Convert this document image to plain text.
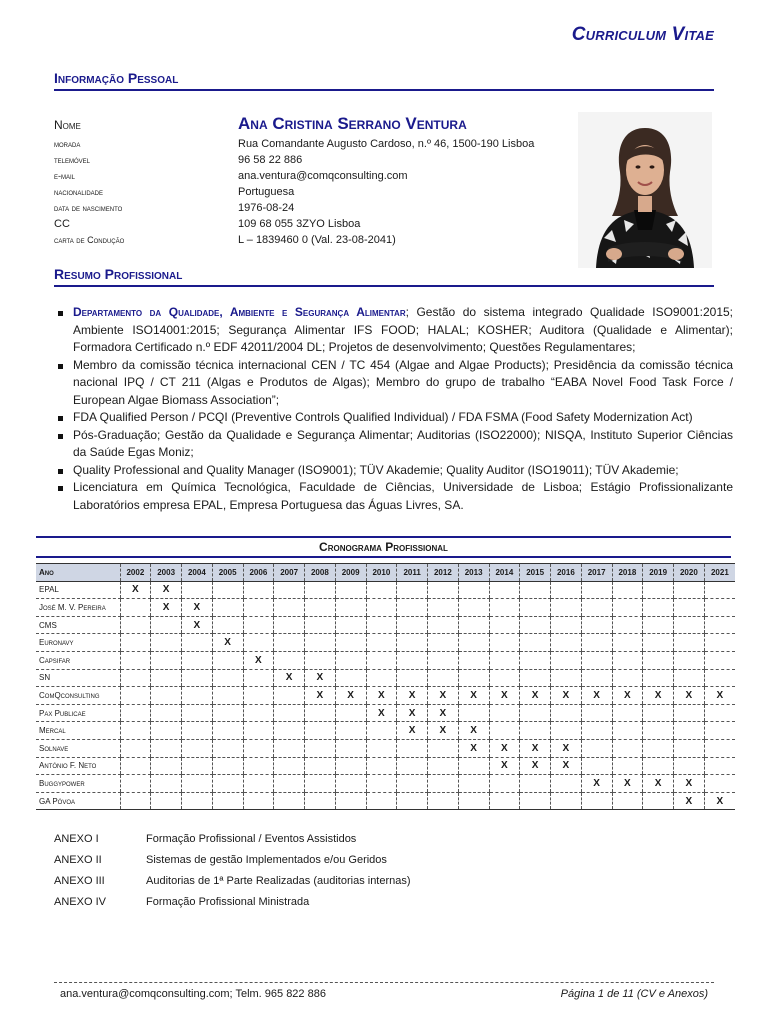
Curriculum Vitae
Informação Pessoal
Nome	Ana Cristina Serrano Ventura
morada	Rua Comandante Augusto Cardoso, n.º 46, 1500-190 Lisboa
telemóvel	96 58 22 886
e-mail	ana.ventura@comqconsulting.com
nacionalidade	Portuguesa
data de nascimento	1976-08-24
CC	109 68 055 3ZYO Lisboa
carta de Condução	L – 1839460 0 (Val. 23-08-2041)
Resumo Profissional
Departamento da Qualidade, Ambiente e Segurança Alimentar; Gestão do sistema integrado Qualidade ISO9001:2015; Ambiente ISO14001:2015; Segurança Alimentar IFS FOOD; HALAL; KOSHER; Auditora (Qualidade e Alimentar); Formadora Certificado n.º EDF 42011/2004 DL; Projetos de desenvolvimento; Questões Regulamentares;
Membro da comissão técnica internacional CEN / TC 454 (Algae and Algae Products); Presidência da comissão técnica nacional IPQ / CT 211 (Algas e Produtos de Algas); Membro do grupo de trabalho “EABA Novel Food Task Force / European Algae Biomass Association”;
FDA Qualified Person / PCQI (Preventive Controls Qualified Individual) / FDA FSMA (Food Safety Modernization Act)
Pós-Graduação; Gestão da Qualidade e Segurança Alimentar; Auditorias (ISO22000); NISQA, Instituto Superior Ciências da Saúde Egas Moniz;
Quality Professional and Quality Manager (ISO9001); TÜV Akademie; Quality Auditor (ISO19011); TÜV Akademie;
Licenciatura em Química Tecnológica, Faculdade de Ciências, Universidade de Lisboa; Estágio Profissionalizante Laboratórios empresa EPAL, Empresa Portuguesa das Águas Livres, SA.
Cronograma Profissional
Ano	2002	2003	2004	2005	2006	2007	2008	2009	2010	2011	2012	2013	2014	2015	2016	2017	2018	2019	2020	2021
EPAL	X	X																		
José M. V. Pereira		X	X																	
CMS			X																	
Euronavy				X																
Capsifar					X															
SN						X	X													
ComQconsulting							X	X	X	X	X	X	X	X	X	X	X	X	X	X
Pax Publicae									X	X	X									
Mercal										X	X	X								
Solnave												X	X	X	X					
António F. Neto													X	X	X					
Buggypower																X	X	X	X	
GA Póvoa																			X	X
ANEXO I	Formação Profissional / Eventos Assistidos
ANEXO II	Sistemas de gestão Implementados e/ou Geridos
ANEXO III	Auditorias de 1ª Parte Realizadas (auditorias internas)
ANEXO IV	Formação Profissional Ministrada
ana.ventura@comqconsulting.com; Telm. 965 822 886	Página 1 de 11 (CV e Anexos)
